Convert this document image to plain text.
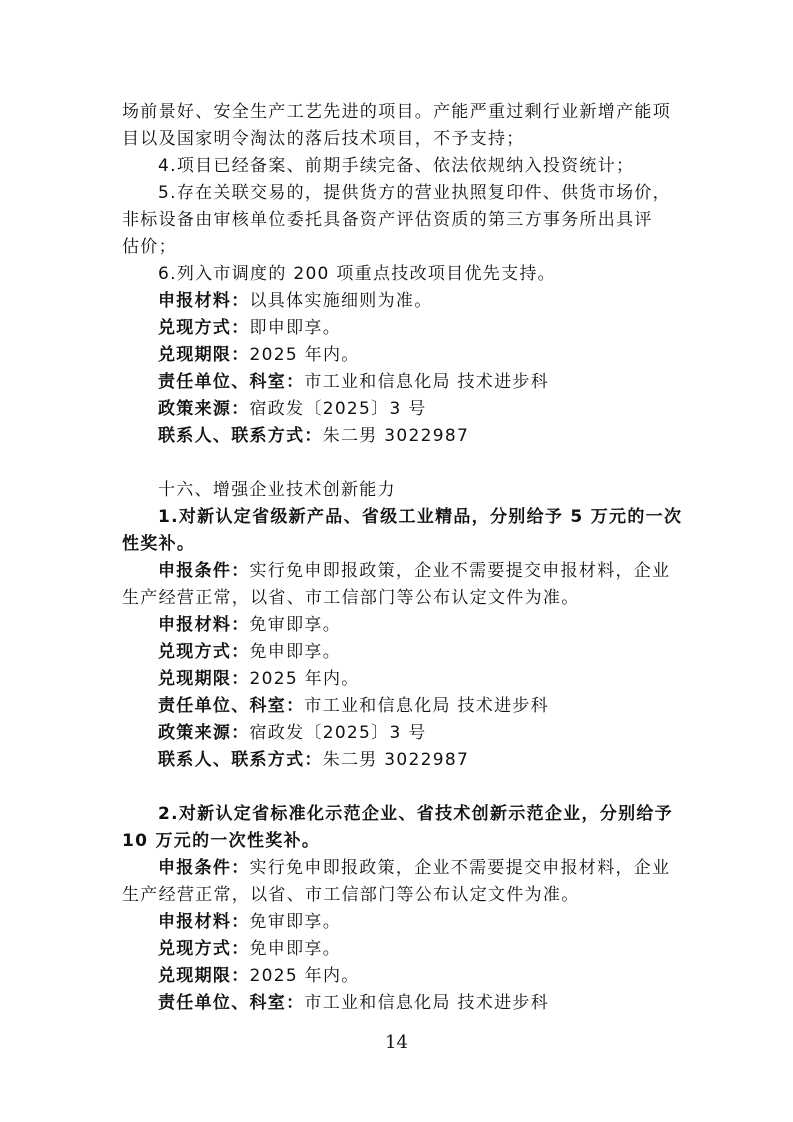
场前景好、安全生产工艺先进的项目。产能严重过剩行业新增产能项
目以及国家明令淘汰的落后技术项目，不予支持；
4.项目已经备案、前期手续完备、依法依规纳入投资统计；
5.存在关联交易的，提供货方的营业执照复印件、供货市场价，
非标设备由审核单位委托具备资产评估资质的第三方事务所出具评
估价；
6.列入市调度的 200 项重点技改项目优先支持。
申报材料：以具体实施细则为准。
兑现方式：即申即享。
兑现期限：2025 年内。
责任单位、科室：市工业和信息化局 技术进步科
政策来源：宿政发〔2025〕3 号
联系人、联系方式：朱二男 3022987
十六、增强企业技术创新能力
1.对新认定省级新产品、省级工业精品，分别给予 5 万元的一次
性奖补。
申报条件：实行免申即报政策，企业不需要提交申报材料，企业
生产经营正常，以省、市工信部门等公布认定文件为准。
申报材料：免审即享。
兑现方式：免申即享。
兑现期限：2025 年内。
责任单位、科室：市工业和信息化局 技术进步科
政策来源：宿政发〔2025〕3 号
联系人、联系方式：朱二男 3022987
2.对新认定省标准化示范企业、省技术创新示范企业，分别给予
10 万元的一次性奖补。
申报条件：实行免申即报政策，企业不需要提交申报材料，企业
生产经营正常，以省、市工信部门等公布认定文件为准。
申报材料：免审即享。
兑现方式：免申即享。
兑现期限：2025 年内。
责任单位、科室：市工业和信息化局 技术进步科
14
